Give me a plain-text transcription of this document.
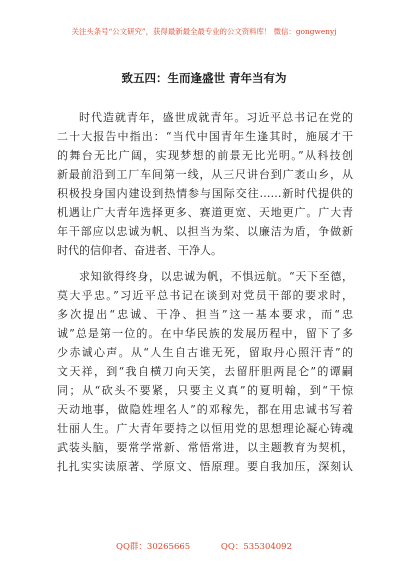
关注头条号“公文研究”，获得最新最全最专业的公文资料库！ 微信：gongwenyj
致五四：生而逢盛世 青年当有为
时代造就青年，盛世成就青年。习近平总书记在党的
二十大报告中指出：“当代中国青年生逢其时，施展才干
的舞台无比广阔，实现梦想的前景无比光明。”从科技创
新最前沿到工厂车间第一线，从三尺讲台到广袤山乡，从
积极投身国内建设到热情参与国际交往……新时代提供的
机遇让广大青年选择更多、赛道更宽、天地更广。广大青
年干部应以忠诚为帆、以担当为桨、以廉洁为盾，争做新
时代的信仰者、奋进者、干净人。
求知欲得终身，以忠诚为帆，不惧远航。“天下至德，
莫大乎忠。”习近平总书记在谈到对党员干部的要求时，
多次提出“忠诚、干净、担当”这一基本要求，而“忠
诚”总是第一位的。在中华民族的发展历程中，留下了多
少赤诚心声。从“人生自古谁无死，留取丹心照汗青”的
文天祥，到“我自横刀向天笑，去留肝胆两昆仑”的谭嗣
同；从“砍头不要紧，只要主义真”的夏明翰，到“干惊
天动地事，做隐姓埋名人”的邓稼先，都在用忠诚书写着
壮丽人生。广大青年要持之以恒用党的思想理论凝心铸魂
武装头脑，要常学常新、常悟常进，以主题教育为契机，
扎扎实实读原著、学原文、悟原理。要自我加压，深刻认
QQ群：30265665	QQ：535304092
